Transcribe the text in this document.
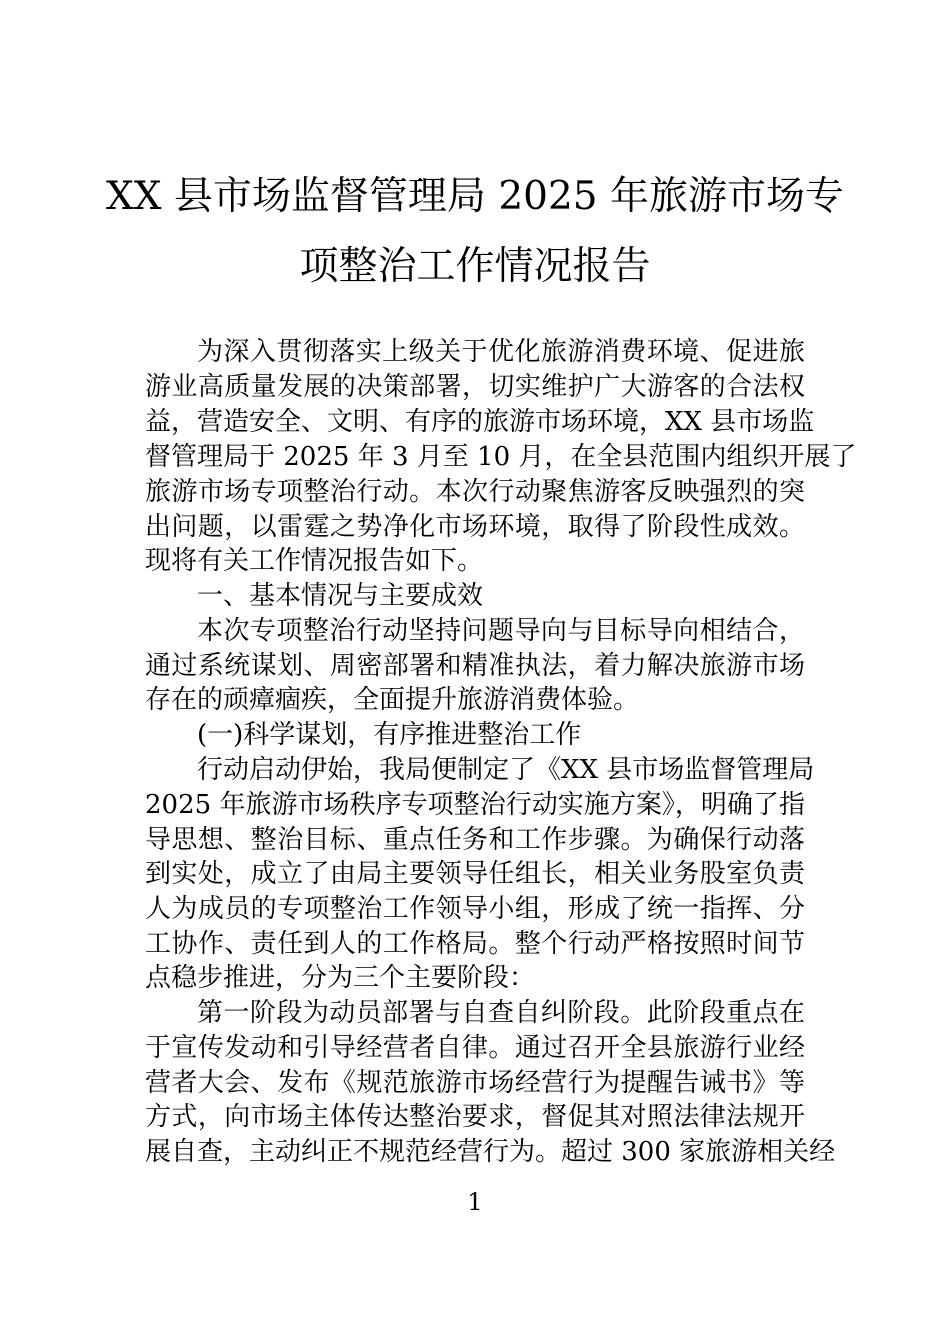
XX 县市场监督管理局 2025 年旅游市场专
项整治工作情况报告
为深入贯彻落实上级关于优化旅游消费环境、促进旅
游业高质量发展的决策部署，切实维护广大游客的合法权
益，营造安全、文明、有序的旅游市场环境，XX 县市场监
督管理局于 2025 年 3 月至 10 月，在全县范围内组织开展了
旅游市场专项整治行动。本次行动聚焦游客反映强烈的突
出问题，以雷霆之势净化市场环境，取得了阶段性成效。
现将有关工作情况报告如下。
一、基本情况与主要成效
本次专项整治行动坚持问题导向与目标导向相结合，
通过系统谋划、周密部署和精准执法，着力解决旅游市场
存在的顽瘴痼疾，全面提升旅游消费体验。
(一)科学谋划，有序推进整治工作
行动启动伊始，我局便制定了《XX 县市场监督管理局
2025 年旅游市场秩序专项整治行动实施方案》，明确了指
导思想、整治目标、重点任务和工作步骤。为确保行动落
到实处，成立了由局主要领导任组长，相关业务股室负责
人为成员的专项整治工作领导小组，形成了统一指挥、分
工协作、责任到人的工作格局。整个行动严格按照时间节
点稳步推进，分为三个主要阶段：
第一阶段为动员部署与自查自纠阶段。此阶段重点在
于宣传发动和引导经营者自律。通过召开全县旅游行业经
营者大会、发布《规范旅游市场经营行为提醒告诫书》等
方式，向市场主体传达整治要求，督促其对照法律法规开
展自查，主动纠正不规范经营行为。超过 300 家旅游相关经
1
